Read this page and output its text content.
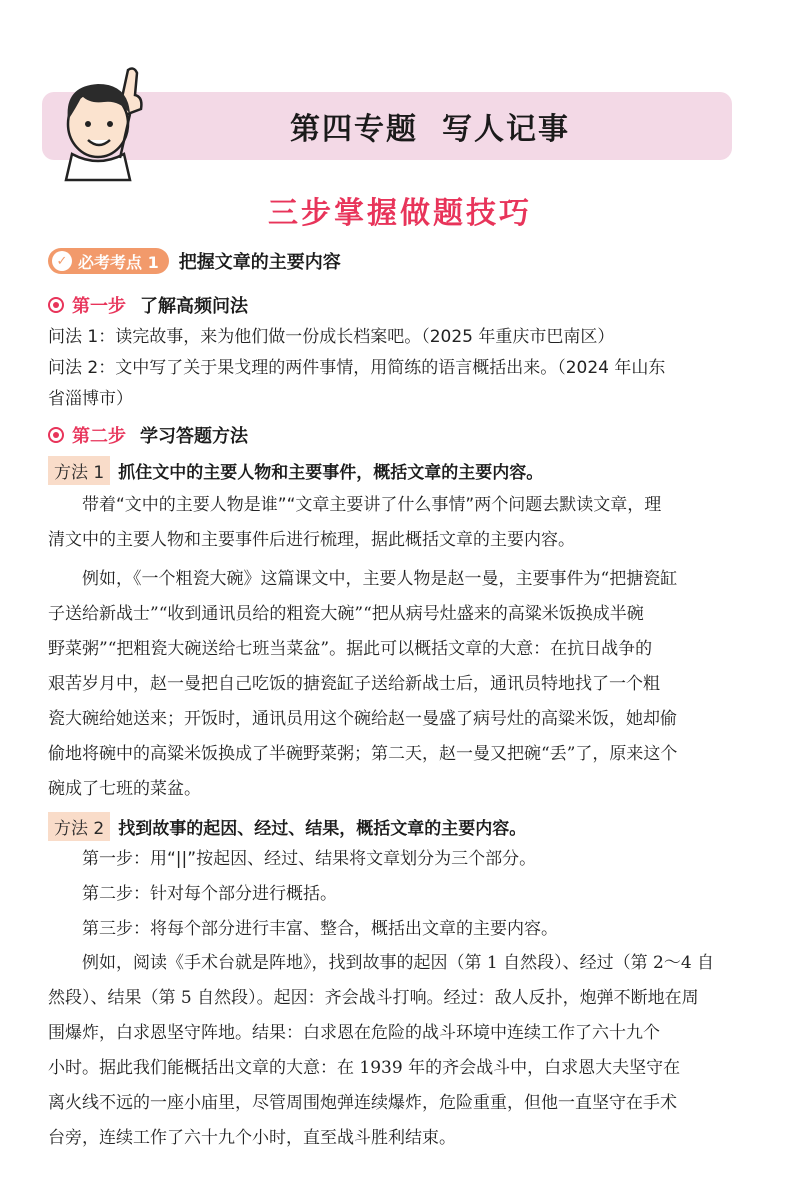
第四专题 写人记事
三步掌握做题技巧
✓ 必考考点 1 把握文章的主要内容
第一步 了解高频问法
问法 1：读完故事，来为他们做一份成长档案吧。（2025 年重庆市巴南区）
问法 2：文中写了关于果戈理的两件事情，用简练的语言概括出来。（2024 年山东
省淄博市）
第二步 学习答题方法
方法 1 抓住文中的主要人物和主要事件，概括文章的主要内容。

带着“文中的主要人物是谁”“文章主要讲了什么事情”两个问题去默读文章，理

清文中的主要人物和主要事件后进行梳理，据此概括文章的主要内容。

例如，《一个粗瓷大碗》这篇课文中，主要人物是赵一曼，主要事件为“把搪瓷缸

子送给新战士”“收到通讯员给的粗瓷大碗”“把从病号灶盛来的高粱米饭换成半碗

野菜粥”“把粗瓷大碗送给七班当菜盆”。据此可以概括文章的大意：在抗日战争的

艰苦岁月中，赵一曼把自己吃饭的搪瓷缸子送给新战士后，通讯员特地找了一个粗

瓷大碗给她送来；开饭时，通讯员用这个碗给赵一曼盛了病号灶的高粱米饭，她却偷

偷地将碗中的高粱米饭换成了半碗野菜粥；第二天，赵一曼又把碗“丢”了，原来这个

碗成了七班的菜盆。

方法 2 找到故事的起因、经过、结果，概括文章的主要内容。

第一步：用“||”按起因、经过、结果将文章划分为三个部分。

第二步：针对每个部分进行概括。

第三步：将每个部分进行丰富、整合，概括出文章的主要内容。

例如，阅读《手术台就是阵地》，找到故事的起因（第 1 自然段）、经过（第 2～4 自

然段）、结果（第 5 自然段）。起因：齐会战斗打响。经过：敌人反扑，炮弹不断地在周

围爆炸，白求恩坚守阵地。结果：白求恩在危险的战斗环境中连续工作了六十九个

小时。据此我们能概括出文章的大意：在 1939 年的齐会战斗中，白求恩大夫坚守在

离火线不远的一座小庙里，尽管周围炮弹连续爆炸，危险重重，但他一直坚守在手术

台旁，连续工作了六十九个小时，直至战斗胜利结束。
